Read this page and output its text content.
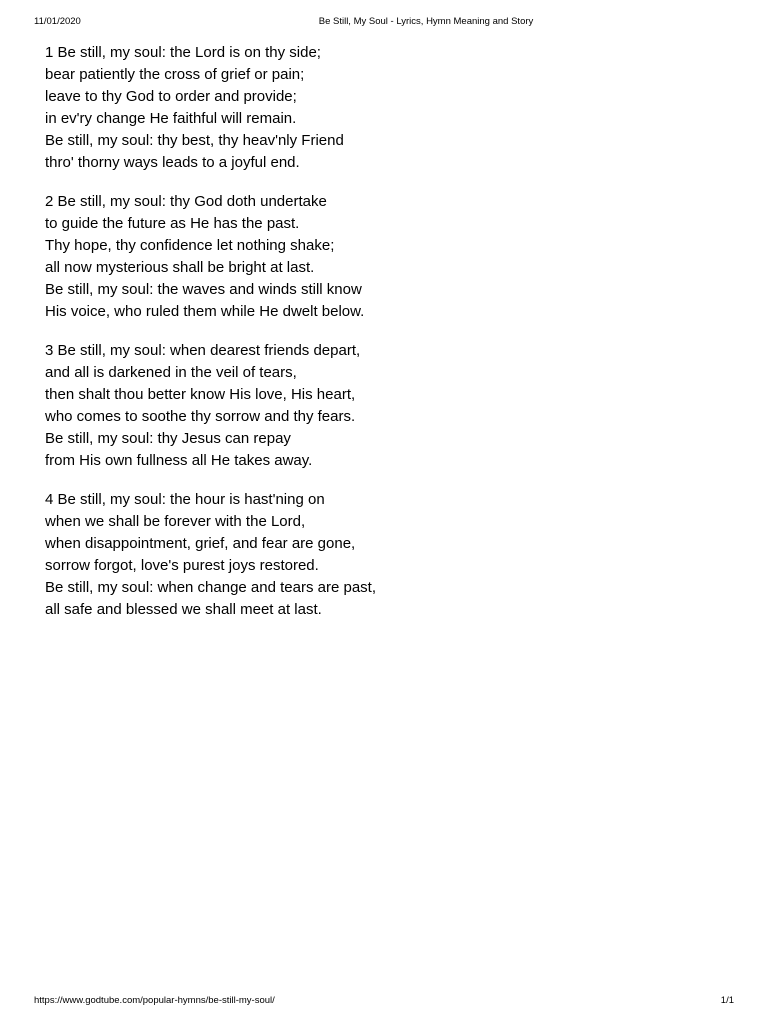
11/01/2020	Be Still, My Soul - Lyrics, Hymn Meaning and Story
1 Be still, my soul: the Lord is on thy side;
bear patiently the cross of grief or pain;
leave to thy God to order and provide;
in ev'ry change He faithful will remain.
Be still, my soul: thy best, thy heav'nly Friend
thro' thorny ways leads to a joyful end.
2 Be still, my soul: thy God doth undertake
to guide the future as He has the past.
Thy hope, thy confidence let nothing shake;
all now mysterious shall be bright at last.
Be still, my soul: the waves and winds still know
His voice, who ruled them while He dwelt below.
3 Be still, my soul: when dearest friends depart,
and all is darkened in the veil of tears,
then shalt thou better know His love, His heart,
who comes to soothe thy sorrow and thy fears.
Be still, my soul: thy Jesus can repay
from His own fullness all He takes away.
4 Be still, my soul: the hour is hast'ning on
when we shall be forever with the Lord,
when disappointment, grief, and fear are gone,
sorrow forgot, love's purest joys restored.
Be still, my soul: when change and tears are past,
all safe and blessed we shall meet at last.
https://www.godtube.com/popular-hymns/be-still-my-soul/	1/1
